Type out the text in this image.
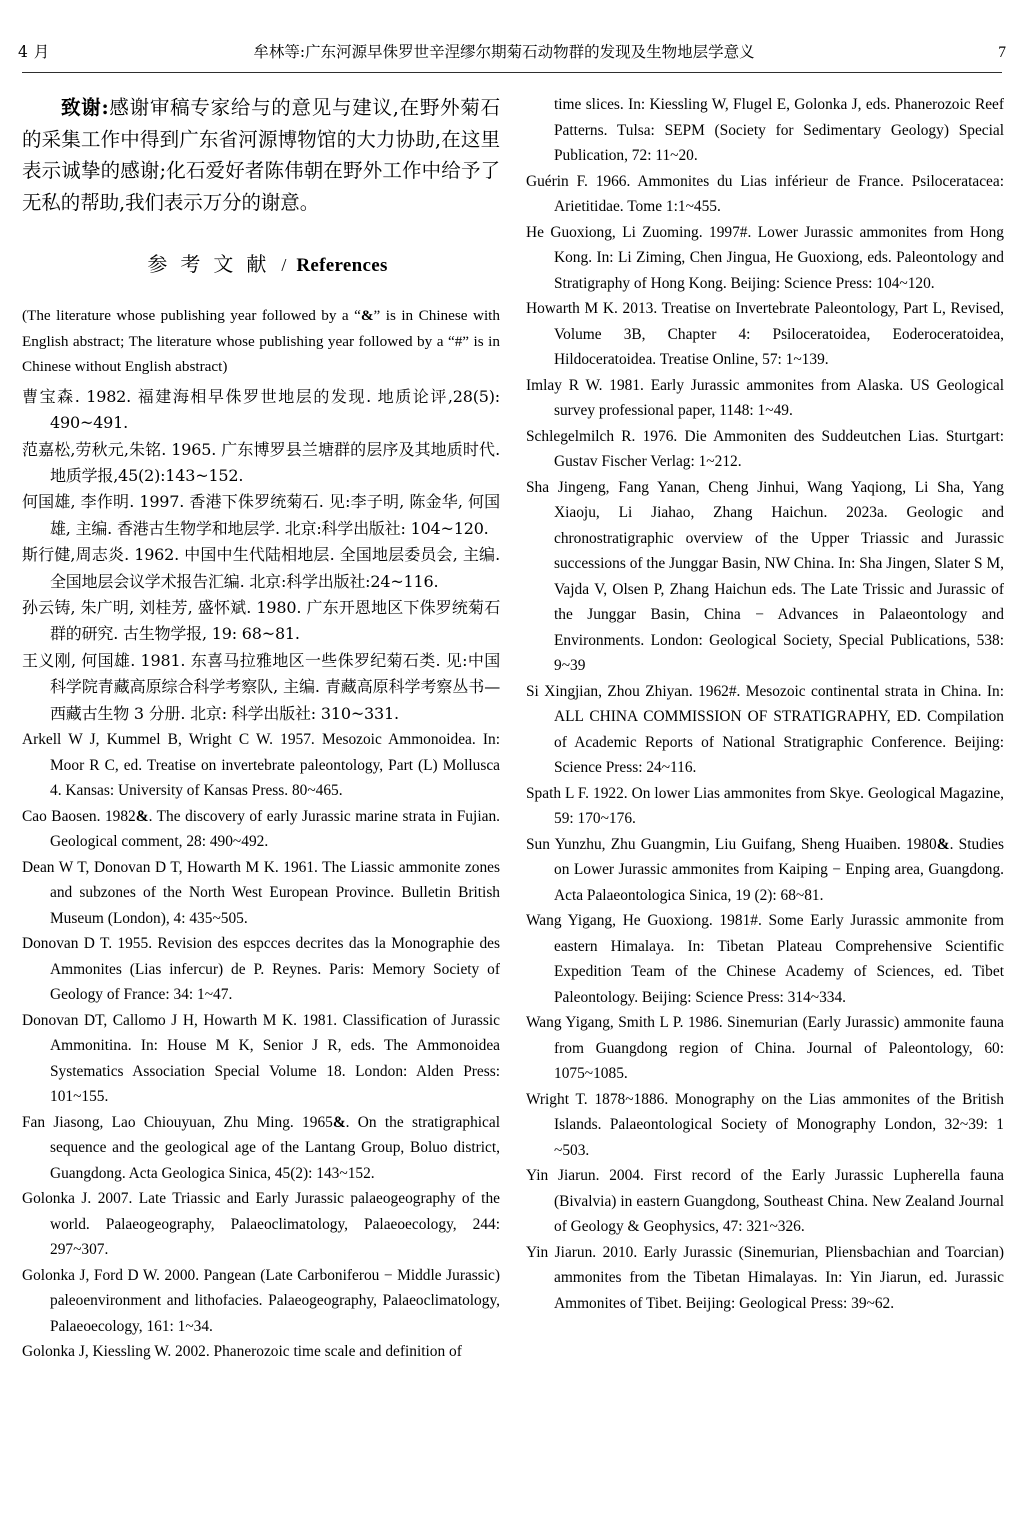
4 月	牟林等:广东河源早侏罗世辛涅缪尔期菊石动物群的发现及生物地层学意义	7

致谢:感谢审稿专家给与的意见与建议,在野外菊石的采集工作中得到广东省河源博物馆的大力协助,在这里表示诚挚的感谢;化石爱好者陈伟朝在野外工作中给予了无私的帮助,我们表示万分的谢意。

参考文献 / References

(The literature whose publishing year followed by a “&” is in Chinese with English abstract; The literature whose publishing year followed by a “#” is in Chinese without English abstract)

曹宝森. 1982. 福建海相早侏罗世地层的发现. 地质论评,28(5): 490~491.

范嘉松,劳秋元,朱铭. 1965. 广东博罗县兰塘群的层序及其地质时代. 地质学报,45(2):143~152.

何国雄, 李作明. 1997. 香港下侏罗统菊石. 见:李子明, 陈金华, 何国雄, 主编. 香港古生物学和地层学. 北京:科学出版社: 104~120.

斯行健,周志炎. 1962. 中国中生代陆相地层. 全国地层委员会, 主编. 全国地层会议学术报告汇编. 北京:科学出版社:24~116.

孙云铸, 朱广明, 刘桂芳, 盛怀斌. 1980. 广东开恩地区下侏罗统菊石群的研究. 古生物学报, 19: 68~81.

王义刚, 何国雄. 1981. 东喜马拉雅地区一些侏罗纪菊石类. 见:中国科学院青藏高原综合科学考察队, 主编. 青藏高原科学考察丛书—西藏古生物 3 分册. 北京: 科学出版社: 310~331.

Arkell W J, Kummel B, Wright C W. 1957. Mesozoic Ammonoidea. In: Moor R C, ed. Treatise on invertebrate paleontology, Part (L) Mollusca 4. Kansas: University of Kansas Press. 80~465.

Cao Baosen. 1982&. The discovery of early Jurassic marine strata in Fujian. Geological comment, 28: 490~492.

Dean W T, Donovan D T, Howarth M K. 1961. The Liassic ammonite zones and subzones of the North West European Province. Bulletin British Museum (London), 4: 435~505.

Donovan D T. 1955. Revision des espcces decrites das la Monographie des Ammonites (Lias infercur) de P. Reynes. Paris: Memory Society of Geology of France: 34: 1~47.

Donovan DT, Callomo J H, Howarth M K. 1981. Classification of Jurassic Ammonitina. In: House M K, Senior J R, eds. The Ammonoidea Systematics Association Special Volume 18. London: Alden Press: 101~155.

Fan Jiasong, Lao Chiouyuan, Zhu Ming. 1965&. On the stratigraphical sequence and the geological age of the Lantang Group, Boluo district, Guangdong. Acta Geologica Sinica, 45(2): 143~152.

Golonka J. 2007. Late Triassic and Early Jurassic palaeogeography of the world. Palaeogeography, Palaeoclimatology, Palaeoecology, 244: 297~307.

Golonka J, Ford D W. 2000. Pangean (Late Carboniferou − Middle Jurassic) paleoenvironment and lithofacies. Palaeogeography, Palaeoclimatology, Palaeoecology, 161: 1~34.

Golonka J, Kiessling W. 2002. Phanerozoic time scale and definition of

time slices. In: Kiessling W, Flugel E, Golonka J, eds. Phanerozoic Reef Patterns. Tulsa: SEPM (Society for Sedimentary Geology) Special Publication, 72: 11~20.

Guérin F. 1966. Ammonites du Lias inférieur de France. Psiloceratacea: Arietitidae. Tome 1:1~455.

He Guoxiong, Li Zuoming. 1997#. Lower Jurassic ammonites from Hong Kong. In: Li Ziming, Chen Jingua, He Guoxiong, eds. Paleontology and Stratigraphy of Hong Kong. Beijing: Science Press: 104~120.

Howarth M K. 2013. Treatise on Invertebrate Paleontology, Part L, Revised, Volume 3B, Chapter 4: Psiloceratoidea, Eoderoceratoidea, Hildoceratoidea. Treatise Online, 57: 1~139.

Imlay R W. 1981. Early Jurassic ammonites from Alaska. US Geological survey professional paper, 1148: 1~49.

Schlegelmilch R. 1976. Die Ammoniten des Suddeutchen Lias. Sturtgart: Gustav Fischer Verlag: 1~212.

Sha Jingeng, Fang Yanan, Cheng Jinhui, Wang Yaqiong, Li Sha, Yang Xiaoju, Li Jiahao, Zhang Haichun. 2023a. Geologic and chronostratigraphic overview of the Upper Triassic and Jurassic successions of the Junggar Basin, NW China. In: Sha Jingen, Slater S M, Vajda V, Olsen P, Zhang Haichun eds. The Late Trissic and Jurassic of the Junggar Basin, China − Advances in Palaeontology and Environments. London: Geological Society, Special Publications, 538: 9~39

Si Xingjian, Zhou Zhiyan. 1962#. Mesozoic continental strata in China. In: ALL CHINA COMMISSION OF STRATIGRAPHY, ED. Compilation of Academic Reports of National Stratigraphic Conference. Beijing: Science Press: 24~116.

Spath L F. 1922. On lower Lias ammonites from Skye. Geological Magazine, 59: 170~176.

Sun Yunzhu, Zhu Guangmin, Liu Guifang, Sheng Huaiben. 1980&. Studies on Lower Jurassic ammonites from Kaiping − Enping area, Guangdong. Acta Palaeontologica Sinica, 19 (2): 68~81.

Wang Yigang, He Guoxiong. 1981#. Some Early Jurassic ammonite from eastern Himalaya. In: Tibetan Plateau Comprehensive Scientific Expedition Team of the Chinese Academy of Sciences, ed. Tibet Paleontology. Beijing: Science Press: 314~334.

Wang Yigang, Smith L P. 1986. Sinemurian (Early Jurassic) ammonite fauna from Guangdong region of China. Journal of Paleontology, 60: 1075~1085.

Wright T. 1878~1886. Monography on the Lias ammonites of the British Islands. Palaeontological Society of Monography London, 32~39: 1 ~503.

Yin Jiarun. 2004. First record of the Early Jurassic Lupherella fauna (Bivalvia) in eastern Guangdong, Southeast China. New Zealand Journal of Geology & Geophysics, 47: 321~326.

Yin Jiarun. 2010. Early Jurassic (Sinemurian, Pliensbachian and Toarcian) ammonites from the Tibetan Himalayas. In: Yin Jiarun, ed. Jurassic Ammonites of Tibet. Beijing: Geological Press: 39~62.
